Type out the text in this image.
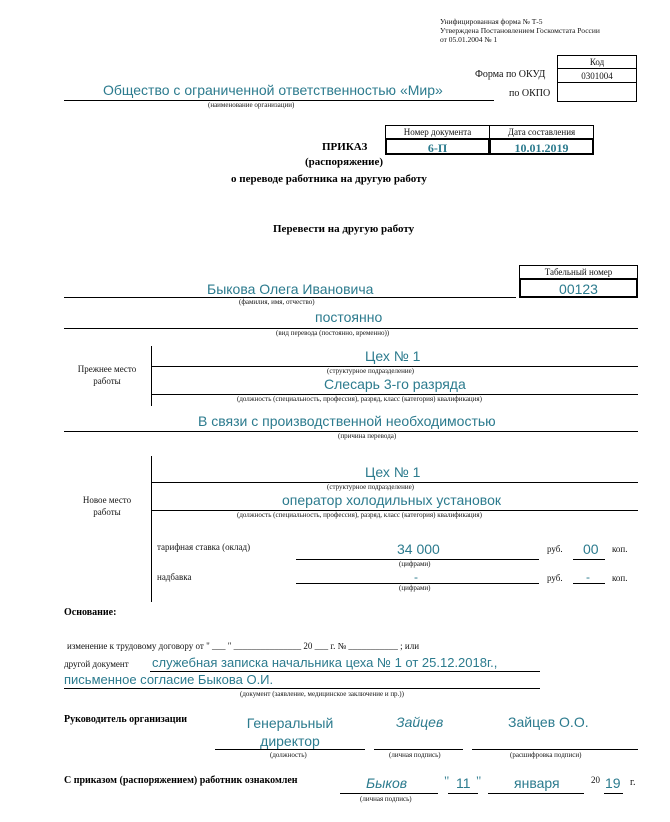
Унифицированная форма № Т-5
Утверждена Постановлением Госкомстата России
от 05.01.2004 № 1
Код
0301004
Форма по ОКУД
по ОКПО
Общество с ограниченной ответственностью «Мир»
(наименование организации)
ПРИКАЗ
(распоряжение)
о переводе работника на другую работу
Номер документа	Дата составления
6-П	10.01.2019
Перевести на другую работу
Табельный номер
00123
Быкова Олега Ивановича
(фамилия, имя, отчество)
постоянно
(вид перевода (постоянно, временно))
Прежнее место
работы
Цех № 1
(структурное подразделение)
Слесарь 3-го разряда
(должность (специальность, профессия), разряд, класс (категория) квалификация)
В связи с производственной необходимостью
(причина перевода)
Новое место
работы
Цех № 1
(структурное подразделение)
оператор холодильных установок
(должность (специальность, профессия), разряд, класс (категория) квалификация)
тарифная ставка (оклад)	34 000
(цифрами)
руб. 00 коп.
надбавка	-
(цифрами)
руб. - коп.
Основание:
изменение к трудовому договору от " ___ " _______________ 20 ___ г. № ___________ ; или
другой документ служебная записка начальника цеха № 1 от 25.12.2018г.,
письменное согласие Быкова О.И.
(документ (заявление, медицинское заключение и пр.))
Руководитель организации	Генеральный
директор
(должность)
Зайцев
(личная подпись)
Зайцев О.О.
(расшифровка подписи)
С приказом (распоряжением) работник ознакомлен	Быков
(личная подпись)
" 11 " января	20 19 г.
